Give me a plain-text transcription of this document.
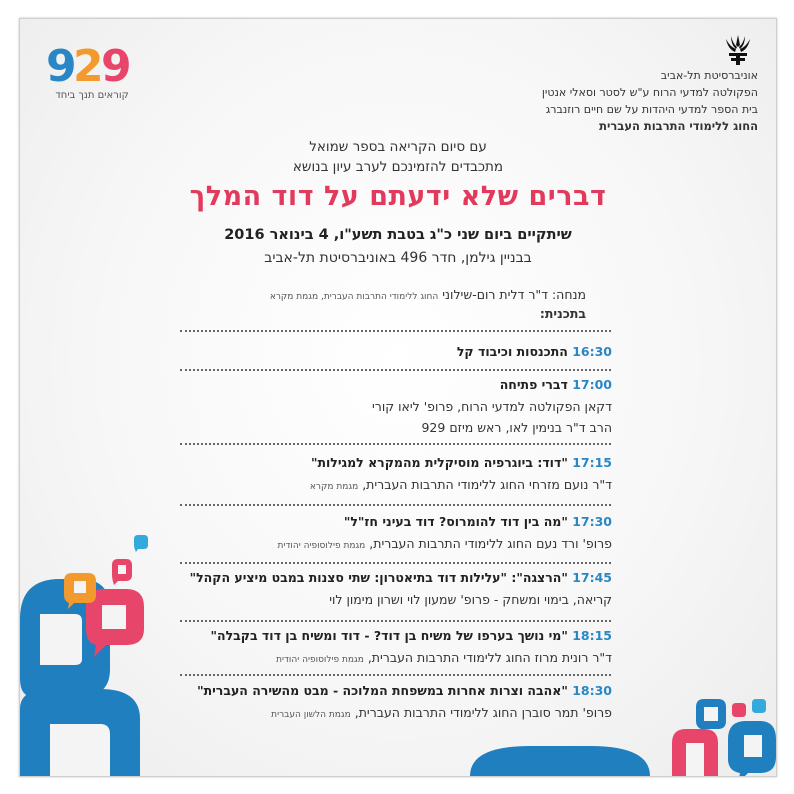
9 2 9
קוראים תנך ביחד
אוניברסיטת תל-אביב
הפקולטה למדעי הרוח ע"ש לסטר וסאלי אנטין
בית הספר למדעי היהדות על שם חיים רוזנברג
החוג ללימודי התרבות העברית
עם סיום הקריאה בספר שמואל
מתכבדים להזמינכם לערב עיון בנושא
דברים שלא ידעתם על דוד המלך
שיתקיים ביום שני כ"ג בטבת תשע"ו, 4 בינואר 2016
בבניין גילמן, חדר 496 באוניברסיטת תל-אביב
מנחה: ד"ר דלית רום-שילוני החוג ללימודי התרבות העברית, מגמת מקרא
בתכנית:
16:30 התכנסות וכיבוד קל
17:00 דברי פתיחה
דקאן הפקולטה למדעי הרוח, פרופ' ליאו קורי
הרב ד"ר בנימין לאו, ראש מיזם 929
17:15 "דוד: ביוגרפיה מוסיקלית מהמקרא למגילות"
ד"ר נועם מזרחי החוג ללימודי התרבות העברית, מגמת מקרא
17:30 "מה בין דוד להומרוס? דוד בעיני חז"ל"
פרופ' ורד נעם החוג ללימודי התרבות העברית, מגמת פילוסופיה יהודית
17:45 "הרצגה": "עלילות דוד בתיאטרון: שתי סצנות במבט מיציע הקהל"
קריאה, בימוי ומשחק - פרופ' שמעון לוי ושרון מימון לוי
18:15 "מי נושך בערפו של משיח בן דוד? - דוד ומשיח בן דוד בקבלה"
ד"ר רונית מרוז החוג ללימודי התרבות העברית, מגמת פילוסופיה יהודית
18:30 "אהבה וצרות אחרות במשפחת המלוכה - מבט מהשירה העברית"
פרופ' תמר סוברן החוג ללימודי התרבות העברית, מגמת הלשון העברית
